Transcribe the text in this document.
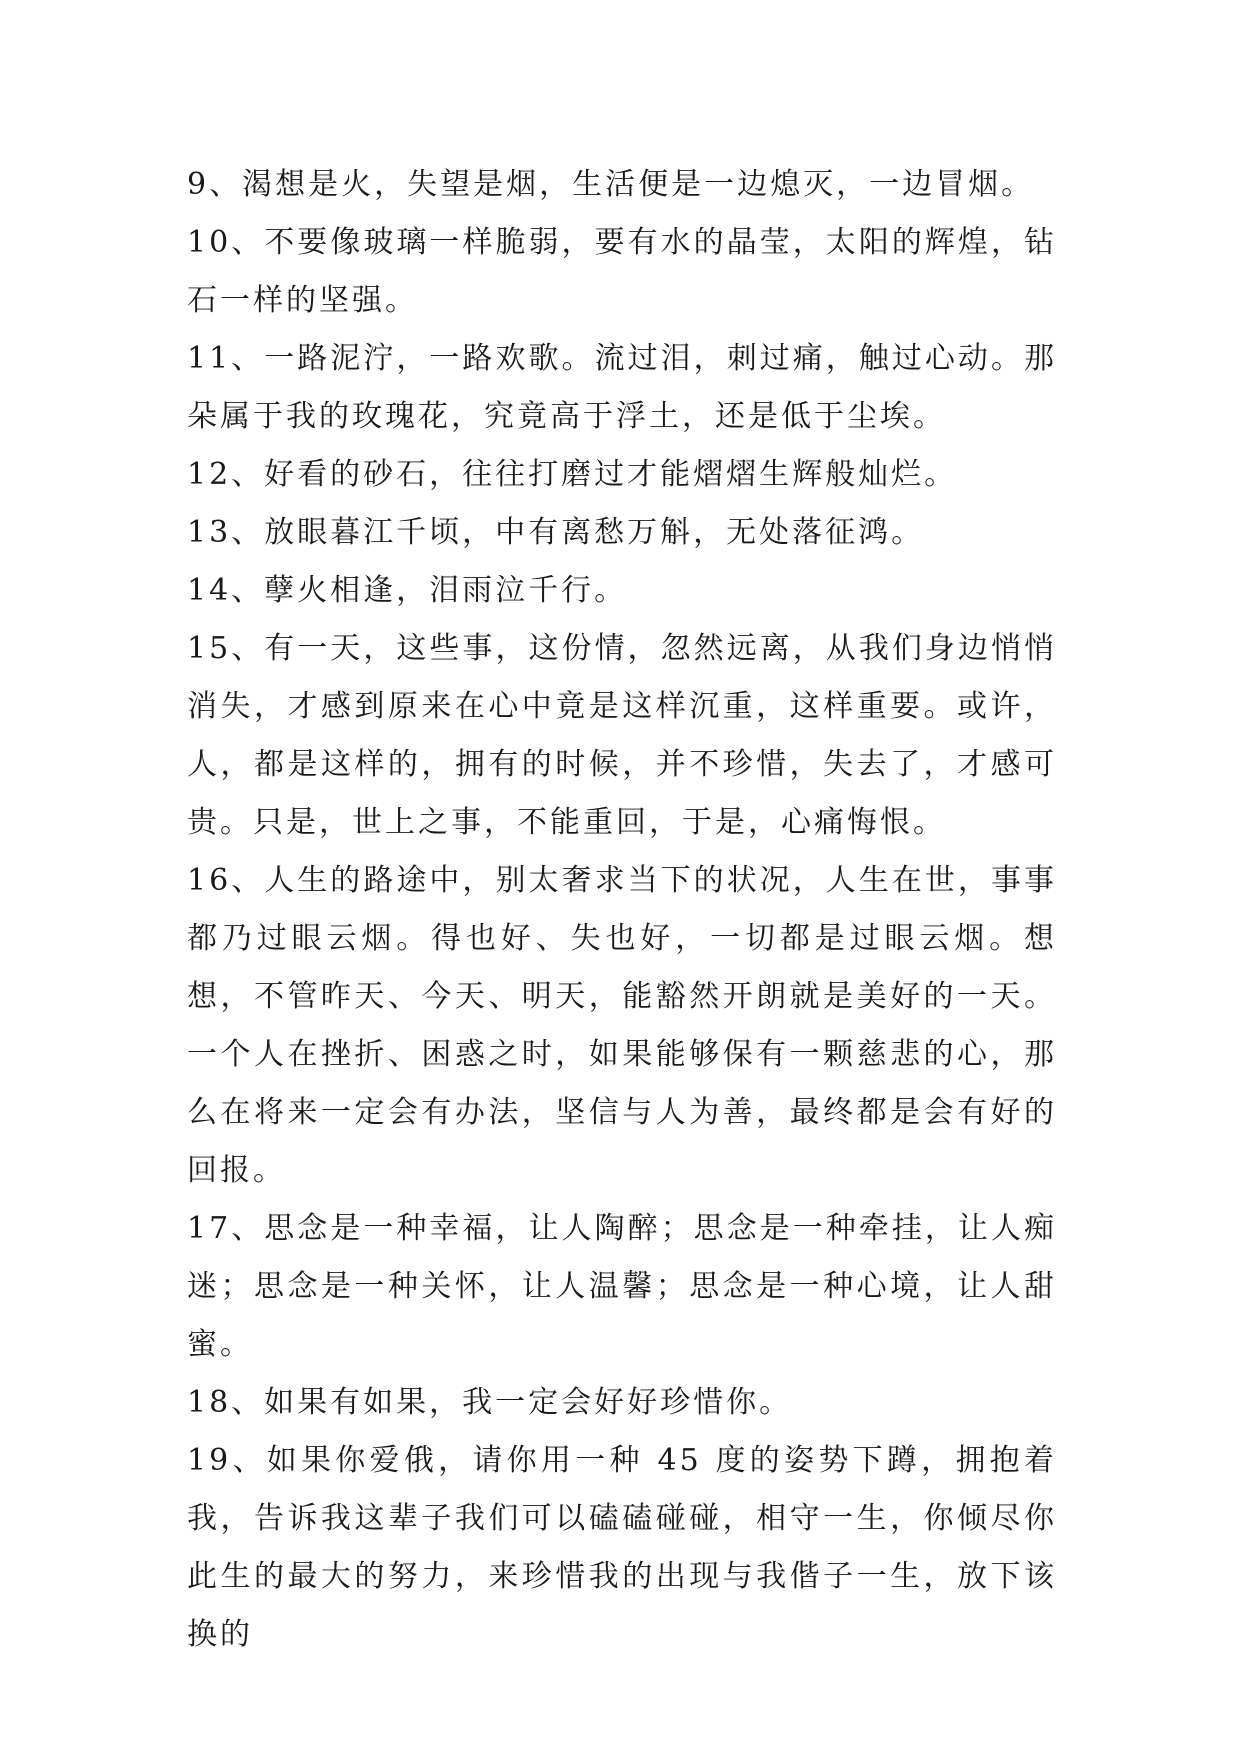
9、渴想是火，失望是烟，生活便是一边熄灭，一边冒烟。

10、不要像玻璃一样脆弱，要有水的晶莹，太阳的辉煌，钻石一样的坚强。

11、一路泥泞，一路欢歌。流过泪，刺过痛，触过心动。那朵属于我的玫瑰花，究竟高于浮土，还是低于尘埃。

12、好看的砂石，往往打磨过才能熠熠生辉般灿烂。

13、放眼暮江千顷，中有离愁万斛，无处落征鸿。

14、孽火相逢，泪雨泣千行。

15、有一天，这些事，这份情，忽然远离，从我们身边悄悄消失，才感到原来在心中竟是这样沉重，这样重要。或许，人，都是这样的，拥有的时候，并不珍惜，失去了，才感可贵。只是，世上之事，不能重回，于是，心痛悔恨。

16、人生的路途中，别太奢求当下的状况，人生在世，事事都乃过眼云烟。得也好、失也好，一切都是过眼云烟。想想，不管昨天、今天、明天，能豁然开朗就是美好的一天。一个人在挫折、困惑之时，如果能够保有一颗慈悲的心，那么在将来一定会有办法，坚信与人为善，最终都是会有好的回报。

17、思念是一种幸福，让人陶醉；思念是一种牵挂，让人痴迷；思念是一种关怀，让人温馨；思念是一种心境，让人甜蜜。

18、如果有如果，我一定会好好珍惜你。

19、如果你爱俄，请你用一种 45 度的姿势下蹲，拥抱着我，告诉我这辈子我们可以磕磕碰碰，相守一生，你倾尽你此生的最大的努力，来珍惜我的出现与我偕子一生，放下该换的
